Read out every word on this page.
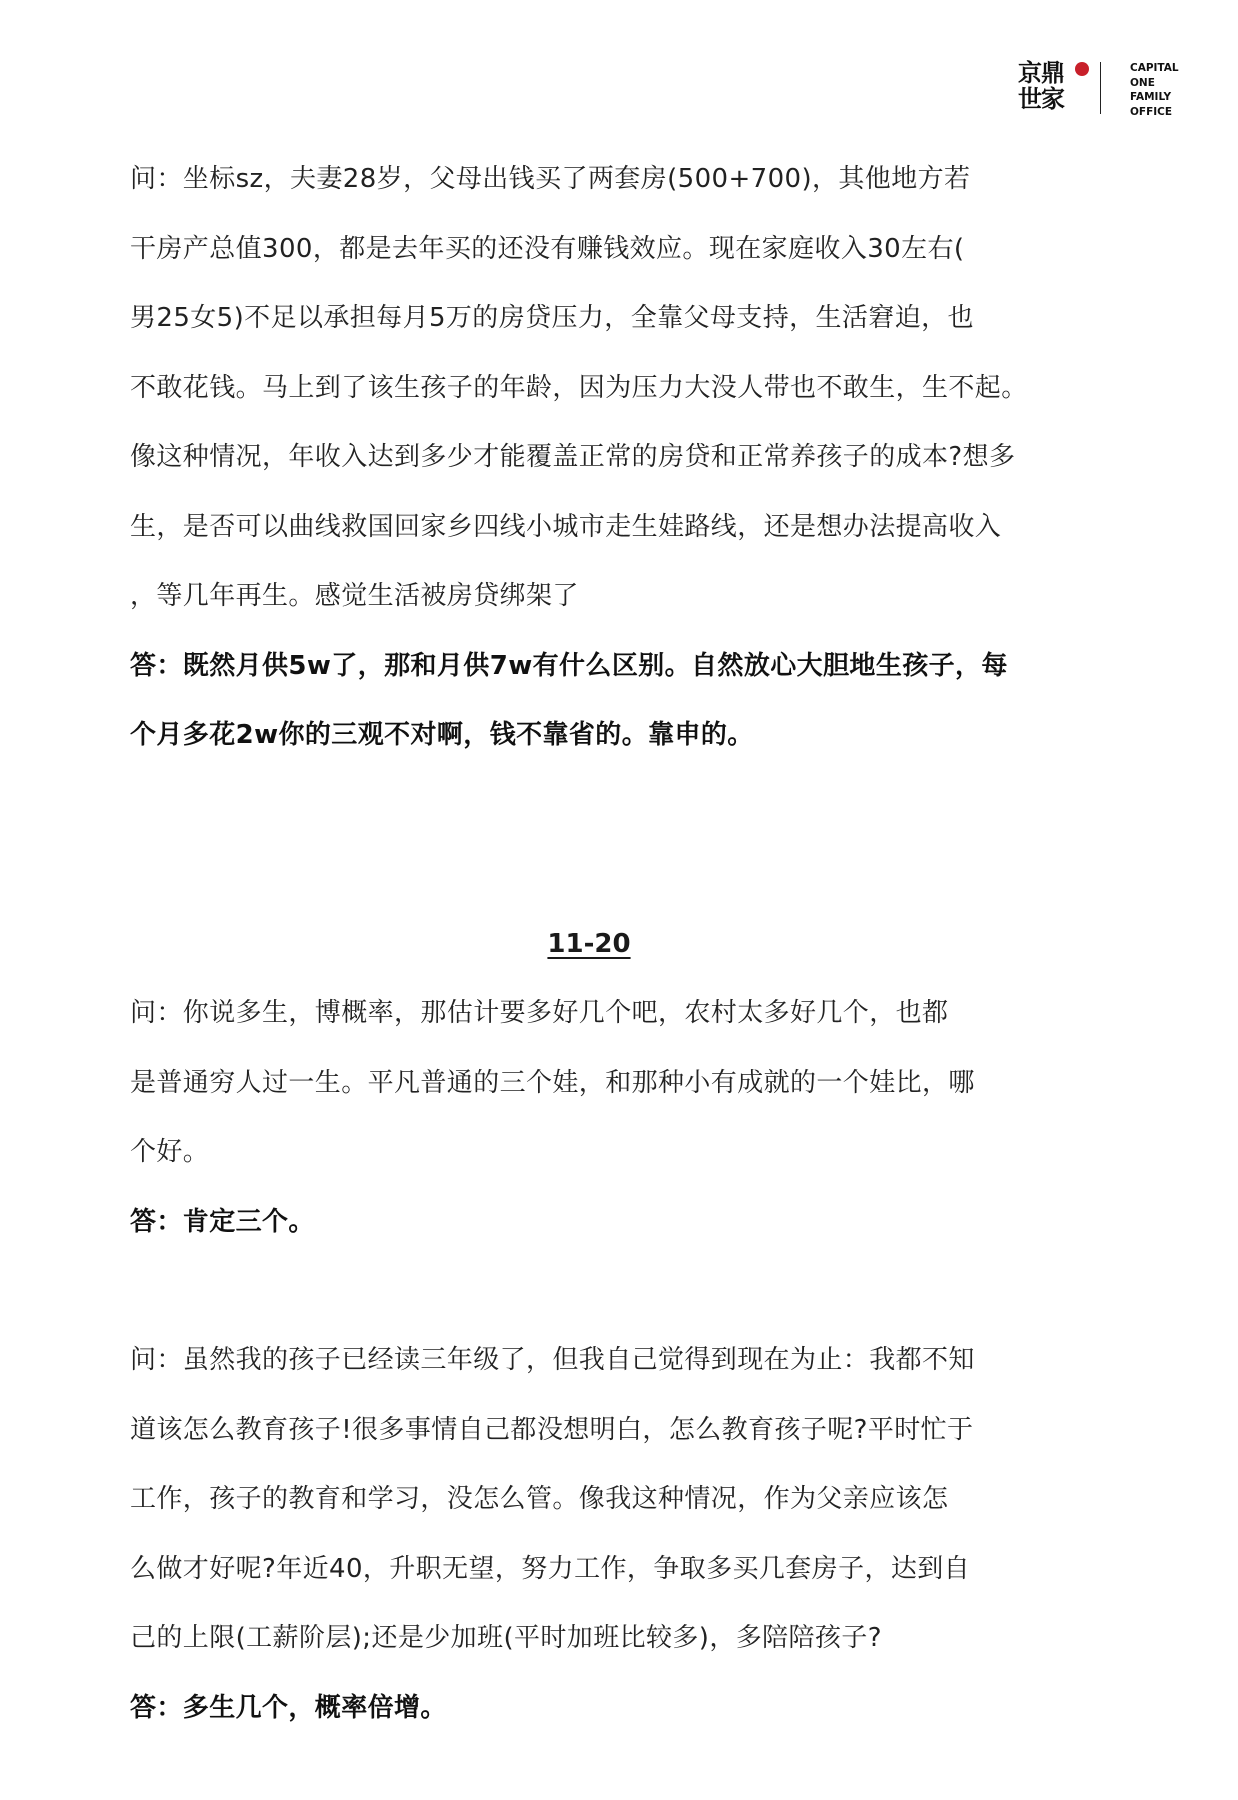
京鼎
世家
CAPITAL
ONE
FAMILY
OFFICE

问：坐标sz，夫妻28岁，父母出钱买了两套房(500+700)，其他地方若
干房产总值300，都是去年买的还没有赚钱效应。现在家庭收入30左右(
男25女5)不足以承担每月5万的房贷压力，全靠父母支持，生活窘迫，也
不敢花钱。马上到了该生孩子的年龄，因为压力大没人带也不敢生，生不起。
像这种情况，年收入达到多少才能覆盖正常的房贷和正常养孩子的成本?想多
生，是否可以曲线救国回家乡四线小城市走生娃路线，还是想办法提高收入
，等几年再生。感觉生活被房贷绑架了

答：既然月供5w了，那和月供7w有什么区别。自然放心大胆地生孩子，每
个月多花2w你的三观不对啊，钱不靠省的。靠申的。

11-20

问：你说多生，博概率，那估计要多好几个吧，农村太多好几个，也都
是普通穷人过一生。平凡普通的三个娃，和那种小有成就的一个娃比，哪
个好。

答：肯定三个。

问：虽然我的孩子已经读三年级了，但我自己觉得到现在为止：我都不知
道该怎么教育孩子!很多事情自己都没想明白，怎么教育孩子呢?平时忙于
工作，孩子的教育和学习，没怎么管。像我这种情况，作为父亲应该怎
么做才好呢?年近40，升职无望，努力工作，争取多买几套房子，达到自
己的上限(工薪阶层);还是少加班(平时加班比较多)，多陪陪孩子?

答：多生几个，概率倍增。
